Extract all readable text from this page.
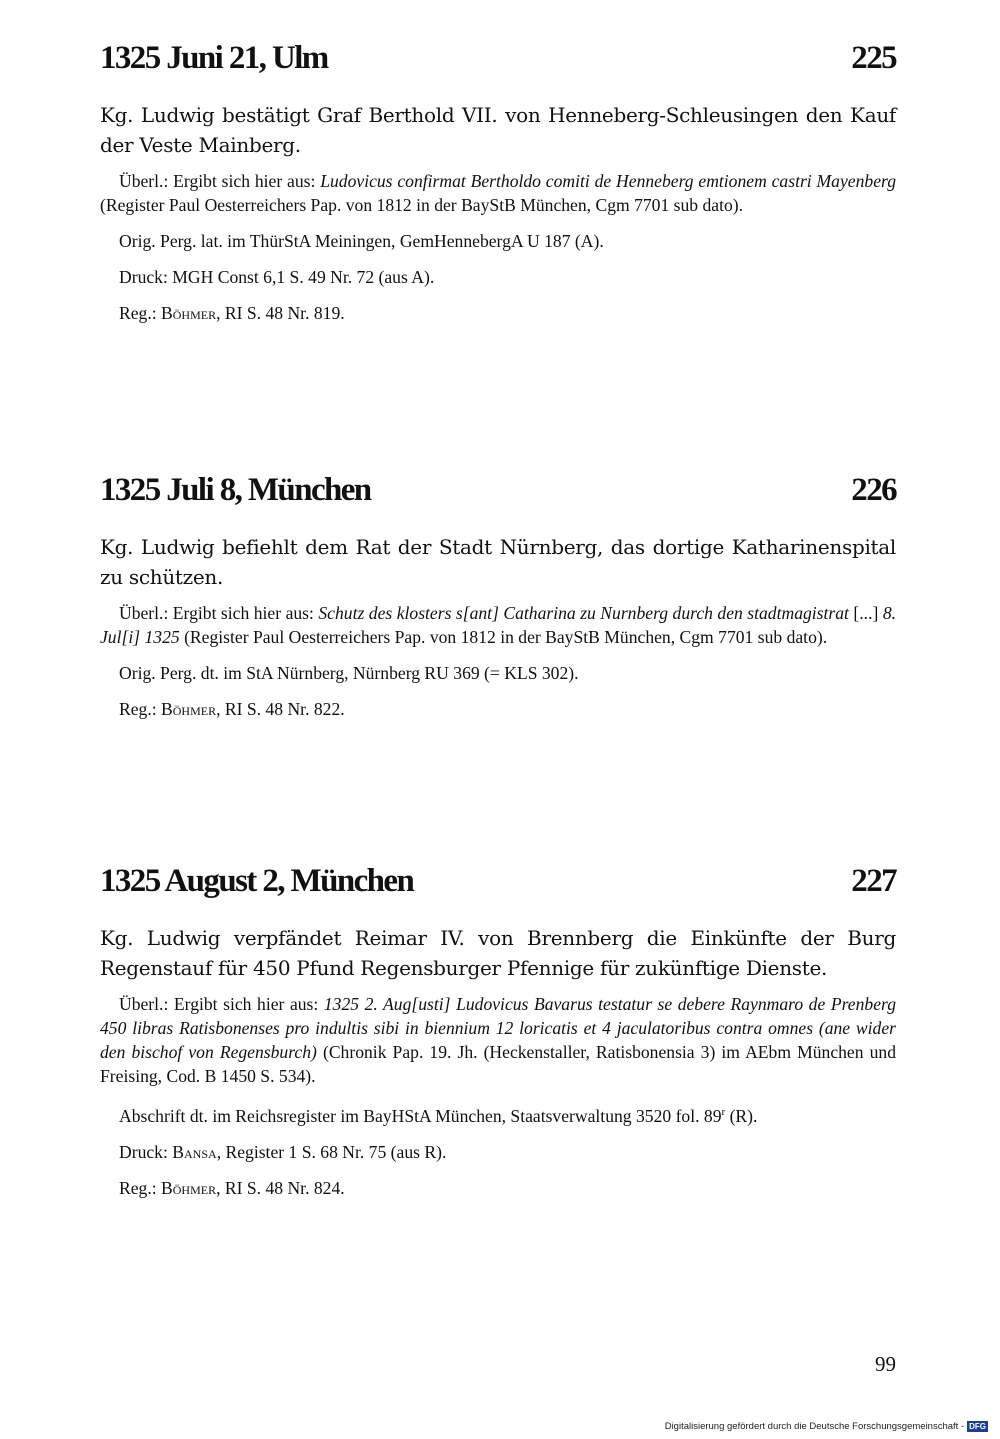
1325 Juni 21, Ulm	225
Kg. Ludwig bestätigt Graf Berthold VII. von Henneberg-Schleusingen den Kauf der Veste Mainberg.

Überl.: Ergibt sich hier aus: Ludovicus confirmat Bertholdo comiti de Henneberg emtionem castri Mayenberg (Register Paul Oesterreichers Pap. von 1812 in der BayStB München, Cgm 7701 sub dato).

Orig. Perg. lat. im ThürStA Meiningen, GemHennebergA U 187 (A).

Druck: MGH Const 6,1 S. 49 Nr. 72 (aus A).

Reg.: Böhmer, RI S. 48 Nr. 819.

1325 Juli 8, München	226
Kg. Ludwig befiehlt dem Rat der Stadt Nürnberg, das dortige Katharinenspital zu schützen.

Überl.: Ergibt sich hier aus: Schutz des klosters s[ant] Catharina zu Nurnberg durch den stadtmagistrat [...] 8. Jul[i] 1325 (Register Paul Oesterreichers Pap. von 1812 in der BayStB München, Cgm 7701 sub dato).

Orig. Perg. dt. im StA Nürnberg, Nürnberg RU 369 (= KLS 302).

Reg.: Böhmer, RI S. 48 Nr. 822.

1325 August 2, München	227
Kg. Ludwig verpfändet Reimar IV. von Brennberg die Einkünfte der Burg Regenstauf für 450 Pfund Regensburger Pfennige für zukünftige Dienste.

Überl.: Ergibt sich hier aus: 1325 2. Aug[usti] Ludovicus Bavarus testatur se debere Raynmaro de Prenberg 450 libras Ratisbonenses pro indultis sibi in biennium 12 loricatis et 4 jaculatoribus contra omnes (ane wider den bischof von Regensburch) (Chronik Pap. 19. Jh. (Heckenstaller, Ratisbonensia 3) im AEbm München und Freising, Cod. B 1450 S. 534).

Abschrift dt. im Reichsregister im BayHStA München, Staatsverwaltung 3520 fol. 89$^r$ (R).

Druck: Bansa, Register 1 S. 68 Nr. 75 (aus R).

Reg.: Böhmer, RI S. 48 Nr. 824.

99
Digitalisierung gefördert durch die Deutsche Forschungsgemeinschaft - DFG
